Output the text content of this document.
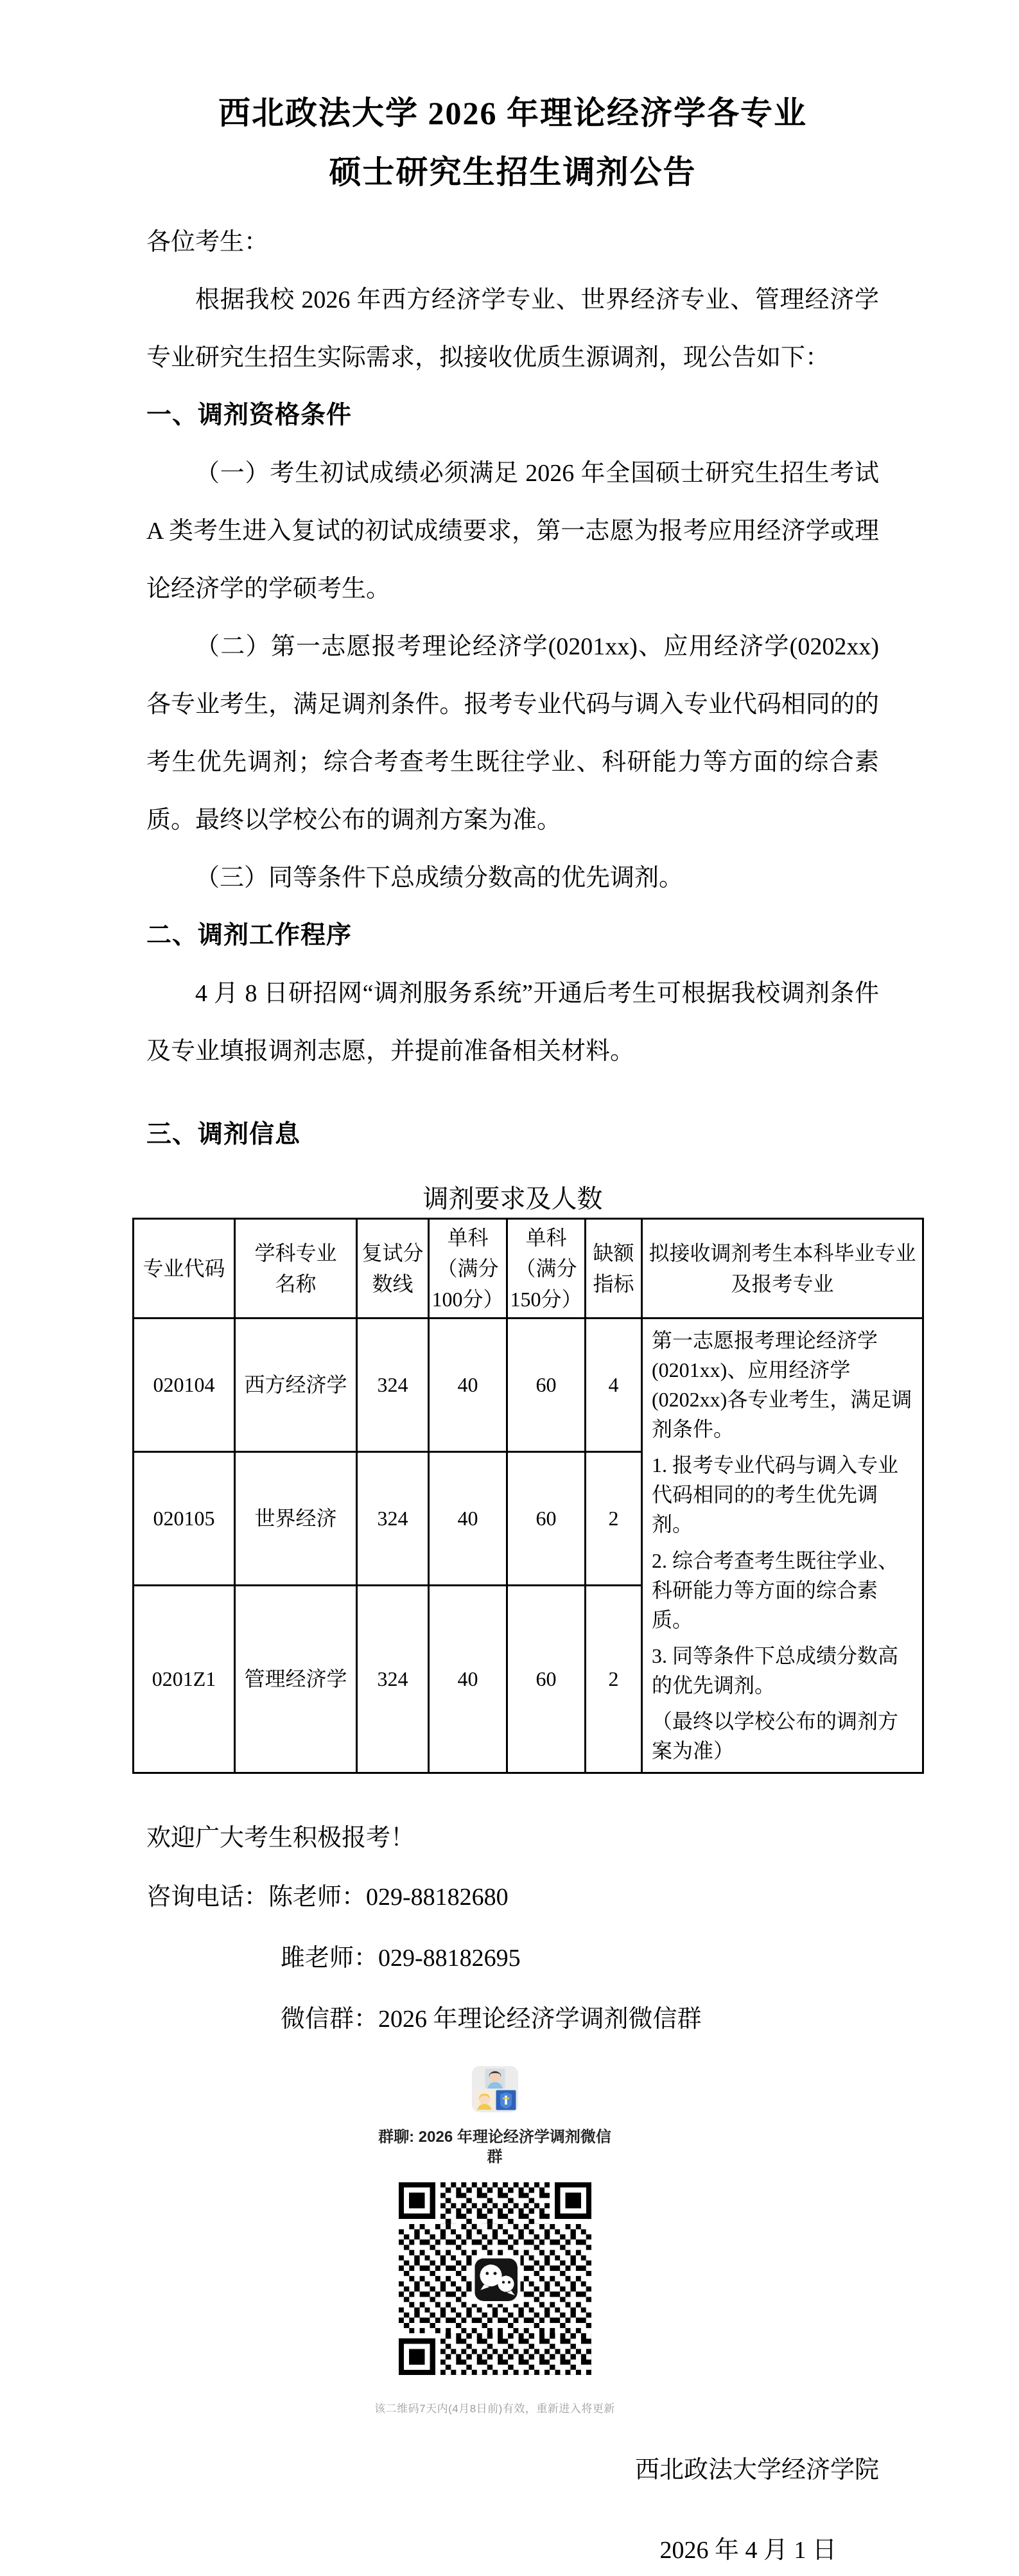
西北政法大学 2026 年理论经济学各专业
硕士研究生招生调剂公告

各位考生：

根据我校 2026 年西方经济学专业、世界经济专业、管理经济学专业研究生招生实际需求，拟接收优质生源调剂，现公告如下：

一、调剂资格条件

（一）考生初试成绩必须满足 2026 年全国硕士研究生招生考试 A 类考生进入复试的初试成绩要求，第一志愿为报考应用经济学或理论经济学的学硕考生。

（二）第一志愿报考理论经济学(0201xx)、应用经济学(0202xx)各专业考生，满足调剂条件。报考专业代码与调入专业代码相同的的考生优先调剂；综合考查考生既往学业、科研能力等方面的综合素质。最终以学校公布的调剂方案为准。

（三）同等条件下总成绩分数高的优先调剂。

二、调剂工作程序

4 月 8 日研招网“调剂服务系统”开通后考生可根据我校调剂条件及专业填报调剂志愿，并提前准备相关材料。

三、调剂信息

调剂要求及人数

专业代码	学科专业名称	复试分数线	单科（满分100分）	单科（满分150分）	缺额指标	拟接收调剂考生本科毕业专业及报考专业
020104	西方经济学	324	40	60	4	第一志愿报考理论经济学(0201xx)、应用经济学(0202xx)各专业考生，满足调剂条件。

1. 报考专业代码与调入专业代码相同的的考生优先调剂。

2. 综合考查考生既往学业、科研能力等方面的综合素质。

3. 同等条件下总成绩分数高的优先调剂。

（最终以学校公布的调剂方案为准）

020105	世界经济	324	40	60	2	
0201Z1	管理经济学	324	40	60	2	

欢迎广大考生积极报考！

咨询电话：陈老师：029-88182680

雎老师：029-88182695

微信群：2026 年理论经济学调剂微信群

群聊: 2026 年理论经济学调剂微信群
该二维码7天内(4月8日前)有效，重新进入将更新

西北政法大学经济学院

2026 年 4 月 1 日
